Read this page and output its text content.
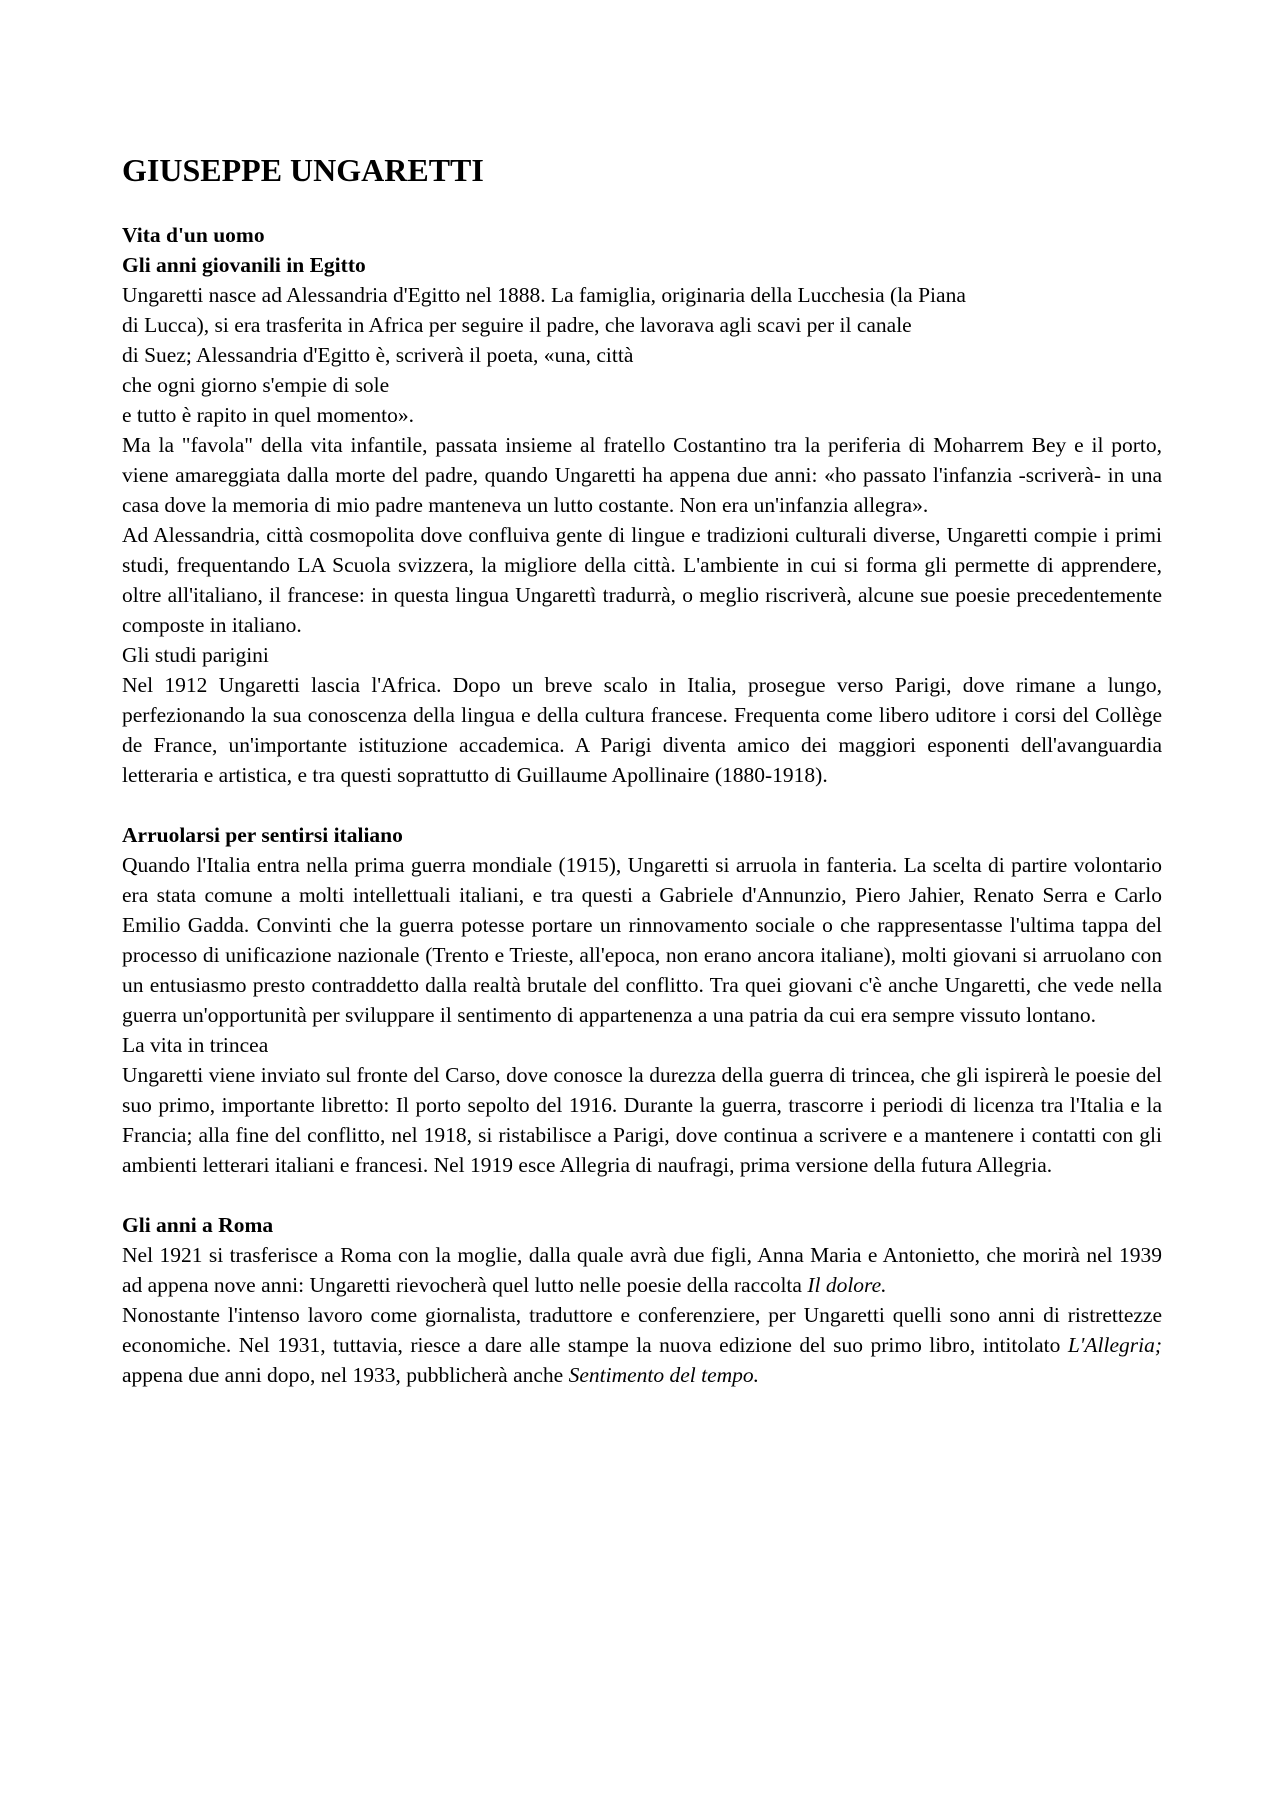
GIUSEPPE UNGARETTI

Vita d'un uomo

Gli anni giovanili in Egitto

Ungaretti nasce ad Alessandria d'Egitto nel 1888. La famiglia, originaria della Lucchesia (la Piana

di Lucca), si era trasferita in Africa per seguire il padre, che lavorava agli scavi per il canale

di Suez; Alessandria d'Egitto è, scriverà il poeta, «una, città

che ogni giorno s'empie di sole

e tutto è rapito in quel momento».

Ma la "favola" della vita infantile, passata insieme al fratello Costantino tra la periferia di Moharrem Bey e il porto, viene amareggiata dalla morte del padre, quando Ungaretti ha appena due anni: «ho passato l'infanzia -scriverà- in una casa dove la memoria di mio padre manteneva un lutto costante. Non era un'infanzia allegra».

Ad Alessandria, città cosmopolita dove confluiva gente di lingue e tradizioni culturali diverse, Ungaretti compie i primi studi, frequentando LA Scuola svizzera, la migliore della città. L'ambiente in cui si forma gli permette di apprendere, oltre all'italiano, il francese: in questa lingua Ungarettì tradurrà, o meglio riscriverà, alcune sue poesie precedentemente composte in italiano.

Gli studi parigini

Nel 1912 Ungaretti lascia l'Africa. Dopo un breve scalo in Italia, prosegue verso Parigi, dove rimane a lungo, perfezionando la sua conoscenza della lingua e della cultura francese. Frequenta come libero uditore i corsi del Collège de France, un'importante istituzione accademica. A Parigi diventa amico dei maggiori esponenti dell'avanguardia letteraria e artistica, e tra questi soprattutto di Guillaume Apollinaire (1880-1918).

Arruolarsi per sentirsi italiano

Quando l'Italia entra nella prima guerra mondiale (1915), Ungaretti si arruola in fanteria. La scelta di partire volontario era stata comune a molti intellettuali italiani, e tra questi a Gabriele d'Annunzio, Piero Jahier, Renato Serra e Carlo Emilio Gadda. Convinti che la guerra potesse portare un rinnovamento sociale o che rappresentasse l'ultima tappa del processo di unificazione nazionale (Trento e Trieste, all'epoca, non erano ancora italiane), molti giovani si arruolano con un entusiasmo presto contraddetto dalla realtà brutale del conflitto. Tra quei giovani c'è anche Ungaretti, che vede nella guerra un'opportunità per sviluppare il sentimento di appartenenza a una patria da cui era sempre vissuto lontano.

La vita in trincea

Ungaretti viene inviato sul fronte del Carso, dove conosce la durezza della guerra di trincea, che gli ispirerà le poesie del suo primo, importante libretto: Il porto sepolto del 1916. Durante la guerra, trascorre i periodi di licenza tra l'Italia e la Francia; alla fine del conflitto, nel 1918, si ristabilisce a Parigi, dove continua a scrivere e a mantenere i contatti con gli ambienti letterari italiani e francesi. Nel 1919 esce Allegria di naufragi, prima versione della futura Allegria.

Gli anni a Roma

Nel 1921 si trasferisce a Roma con la moglie, dalla quale avrà due figli, Anna Maria e Antonietto, che morirà nel 1939 ad appena nove anni: Ungaretti rievocherà quel lutto nelle poesie della raccolta Il dolore.

Nonostante l'intenso lavoro come giornalista, traduttore e conferenziere, per Ungaretti quelli sono anni di ristrettezze economiche. Nel 1931, tuttavia, riesce a dare alle stampe la nuova edizione del suo primo libro, intitolato L'Allegria; appena due anni dopo, nel 1933, pubblicherà anche Sentimento del tempo.
